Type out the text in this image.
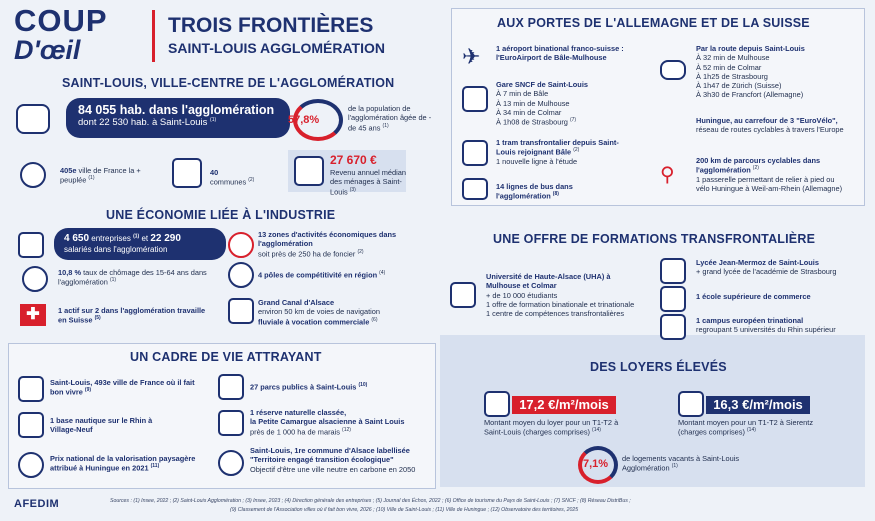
COUP
D'œil
TROIS FRONTIÈRES
SAINT-LOUIS AGGLOMÉRATION
SAINT-LOUIS, VILLE-CENTRE DE L'AGGLOMÉRATION
84 055 hab. dans l'agglomération
dont 22 530 hab. à Saint-Louis $^{(1)}$	57,8%
de la population de l'agglomération âgée de - de 45 ans $^{(1)}$
405e ville de France la + peuplée $^{(1)}$
40
communes $^{(2)}$
27 670 €
Revenu annuel médian des ménages à Saint-Louis $^{(3)}$
UNE ÉCONOMIE LIÉE À L'INDUSTRIE
4 650 entreprises $^{(1)}$ et 22 290
salariés dans l'agglomération
10,8 % taux de chômage des 15-64 ans dans l'agglomération $^{(1)}$
✚	1 actif sur 2 dans l'agglomération travaille en Suisse $^{(5)}$
13 zones d'activités économiques dans l'agglomération
soit près de 250 ha de foncier $^{(2)}$
4 pôles de compétitivité en région $^{(4)}$
Grand Canal d'Alsace
environ 50 km de voies de navigation
fluviale à vocation commerciale $^{(6)}$
UN CADRE DE VIE ATTRAYANT
Saint-Louis, 493e ville de France où il fait bon vivre $^{(9)}$
1 base nautique sur le Rhin à Village-Neuf
Prix national de la valorisation paysagère attribué à Huningue en 2021 $^{(11)}$
27 parcs publics à Saint-Louis $^{(10)}$
1 réserve naturelle classée,
la Petite Camargue alsacienne à Saint Louis
près de 1 000 ha de marais $^{(12)}$
Saint-Louis, 1re commune d'Alsace labellisée
"Territoire engagé transition écologique"
Objectif d'être une ville neutre en carbone en 2050
AUX PORTES DE L'ALLEMAGNE ET DE LA SUISSE
✈	1 aéroport binational franco-suisse :
l'EuroAirport de Bâle-Mulhouse
Gare SNCF de Saint-Louis
À 7 min de Bâle
À 13 min de Mulhouse
À 34 min de Colmar
À 1h08 de Strasbourg $^{(7)}$
1 tram transfrontalier depuis Saint-Louis rejoignant Bâle $^{(2)}$
1 nouvelle ligne à l'étude
14 lignes de bus dans l'agglomération $^{(8)}$
Par la route depuis Saint-Louis
À 32 min de Mulhouse
À 52 min de Colmar
À 1h25 de Strasbourg
À 1h47 de Zürich (Suisse)
À 3h30 de Francfort (Allemagne)
Huningue, au carrefour de 3 "EuroVélo",
réseau de routes cyclables à travers l'Europe
⚲
200 km de parcours cyclables dans l'agglomération $^{(2)}$
1 passerelle permettant de relier à pied ou vélo Huningue à Weil-am-Rhein (Allemagne)
UNE OFFRE DE FORMATIONS TRANSFRONTALIÈRE
Université de Haute-Alsace (UHA) à Mulhouse et Colmar
+ de 10 000 étudiants
1 offre de formation binationale et trinationale
1 centre de compétences transfrontalières
Lycée Jean-Mermoz de Saint-Louis
+ grand lycée de l'académie de Strasbourg
1 école supérieure de commerce
1 campus européen trinational
regroupant 5 universités du Rhin supérieur
DES LOYERS ÉLEVÉS
17,2 €/m²/mois
Montant moyen du loyer pour un T1-T2 à Saint-Louis (charges comprises) $^{(14)}$
16,3 €/m²/mois
Montant moyen pour un T1-T2 à Sierentz (charges comprises) $^{(14)}$
7,1% de logements vacants à Saint-Louis Agglomération $^{(1)}$
AFEDIM	Sources : (1) Insee, 2022 ; (2) Saint-Louis Agglomération ; (3) Insee, 2023 ; (4) Direction générale des entreprises ; (5) Journal des Échos, 2022 ; (6) Office de tourisme du Pays de Saint-Louis ; (7) SNCF ; (8) Réseau DistriBus ;
(9) Classement de l'Association villes où il fait bon vivre, 2026 ; (10) Ville de Saint-Louis ; (11) Ville de Huningue ; (12) Observatoire des territoires, 2025
